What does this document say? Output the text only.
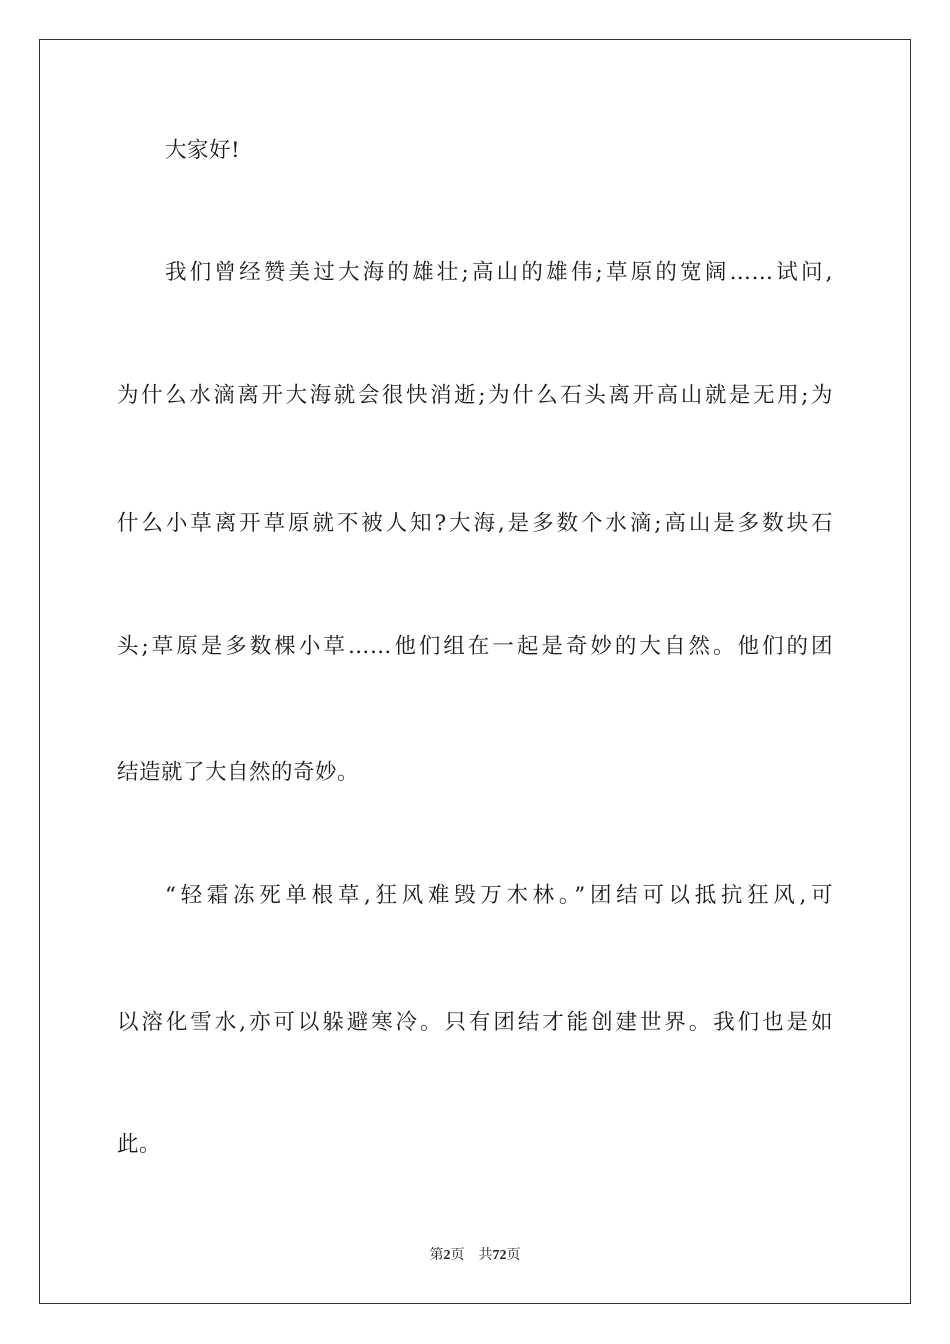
大家好!
我们曾经赞美过大海的雄壮;高山的雄伟;草原的宽阔……试问,
为什么水滴离开大海就会很快消逝;为什么石头离开高山就是无用;为
什么小草离开草原就不被人知?大海,是多数个水滴;高山是多数块石
头;草原是多数棵小草……他们组在一起是奇妙的大自然。他们的团
结造就了大自然的奇妙。
“轻霜冻死单根草,狂风难毁万木林。”团结可以抵抗狂风,可
以溶化雪水,亦可以躲避寒冷。只有团结才能创建世界。我们也是如
此。
第2页 共72页
